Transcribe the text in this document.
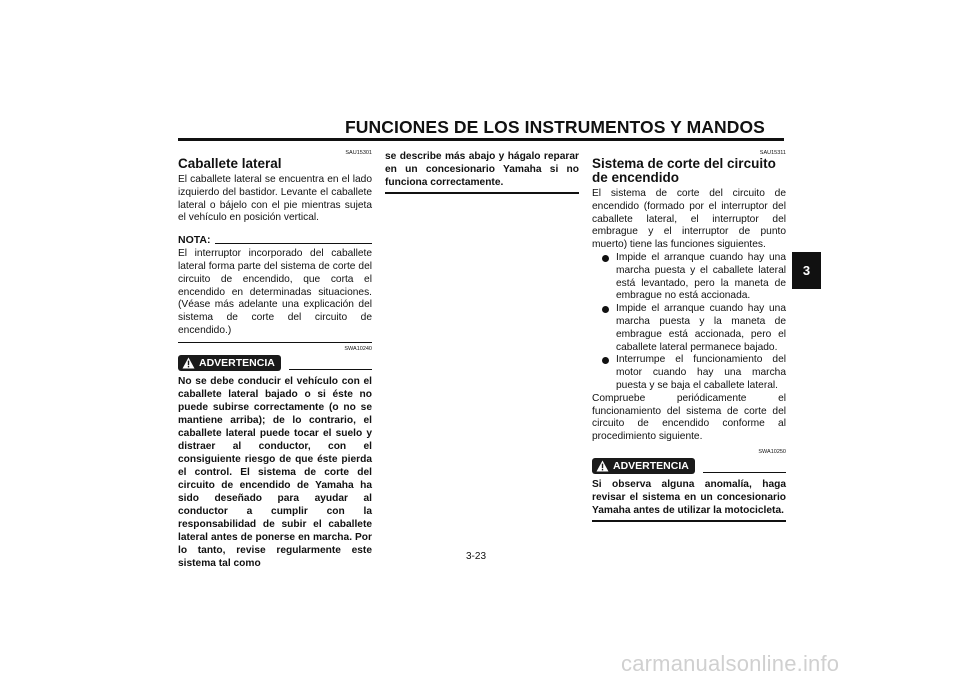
FUNCIONES DE LOS INSTRUMENTOS Y MANDOS
3
SAU15301
Caballete lateral

El caballete lateral se encuentra en el lado izquierdo del bastidor. Levante el caballete lateral o bájelo con el pie mientras sujeta el vehículo en posición vertical.

NOTA:

El interruptor incorporado del caballete lateral forma parte del sistema de corte del circuito de encendido, que corta el encendido en determinadas situaciones. (Véase más adelante una explicación del sistema de corte del circuito de encendido.)

SWA10240
ADVERTENCIA

No se debe conducir el vehículo con el caballete lateral bajado o si éste no puede subirse correctamente (o no se mantiene arriba); de lo contrario, el caballete lateral puede tocar el suelo y distraer al conductor, con el consiguiente riesgo de que éste pierda el control. El sistema de corte del circuito de encendido de Yamaha ha sido deseñado para ayudar al conductor a cumplir con la responsabilidad de subir el caballete lateral antes de ponerse en marcha. Por lo tanto, revise regularmente este sistema tal como

se describe más abajo y hágalo reparar en un concesionario Yamaha si no funciona correctamente.

SAU15311
Sistema de corte del circuito de encendido

El sistema de corte del circuito de encendido (formado por el interruptor del caballete lateral, el interruptor del embrague y el interruptor de punto muerto) tiene las funciones siguientes.

Impide el arranque cuando hay una marcha puesta y el caballete lateral está levantado, pero la maneta de embrague no está accionada.
Impide el arranque cuando hay una marcha puesta y la maneta de embrague está accionada, pero el caballete lateral permanece bajado.
Interrumpe el funcionamiento del motor cuando hay una marcha puesta y se baja el caballete lateral.

Compruebe periódicamente el funcionamiento del sistema de corte del circuito de encendido conforme al procedimiento siguiente.

SWA10250
ADVERTENCIA

Si observa alguna anomalía, haga revisar el sistema en un concesionario Yamaha antes de utilizar la motocicleta.

3-23
carmanualsonline.info
